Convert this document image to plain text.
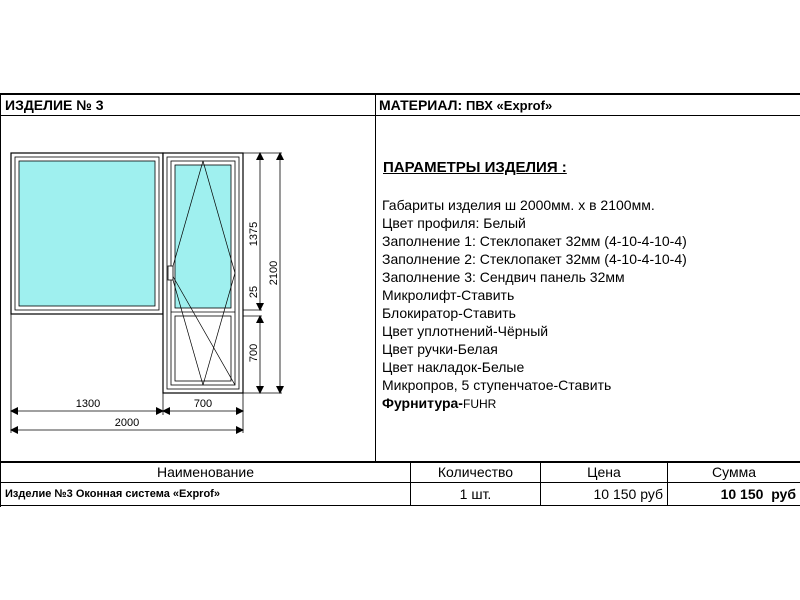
ИЗДЕЛИЕ № 3	МАТЕРИАЛ: ПВХ «Exprof»
1375
25
700
2100
1300	700
2000
ПАРАМЕТРЫ ИЗДЕЛИЯ :
Габариты изделия ш 2000мм. х в 2100мм.
Цвет профиля: Белый
Заполнение 1: Стеклопакет 32мм (4-10-4-10-4)
Заполнение 2: Стеклопакет 32мм (4-10-4-10-4)
Заполнение 3: Сендвич панель 32мм
Микролифт-Ставить
Блокиратор-Ставить
Цвет уплотнений-Чёрный
Цвет ручки-Белая
Цвет накладок-Белые
Микропров, 5 ступенчатое-Ставить
Фурнитура-FUHR
Наименование	Количество	Цена	Сумма
Изделие №3 Оконная система «Exprof»	1 шт.	10 150 руб	10 150  руб
